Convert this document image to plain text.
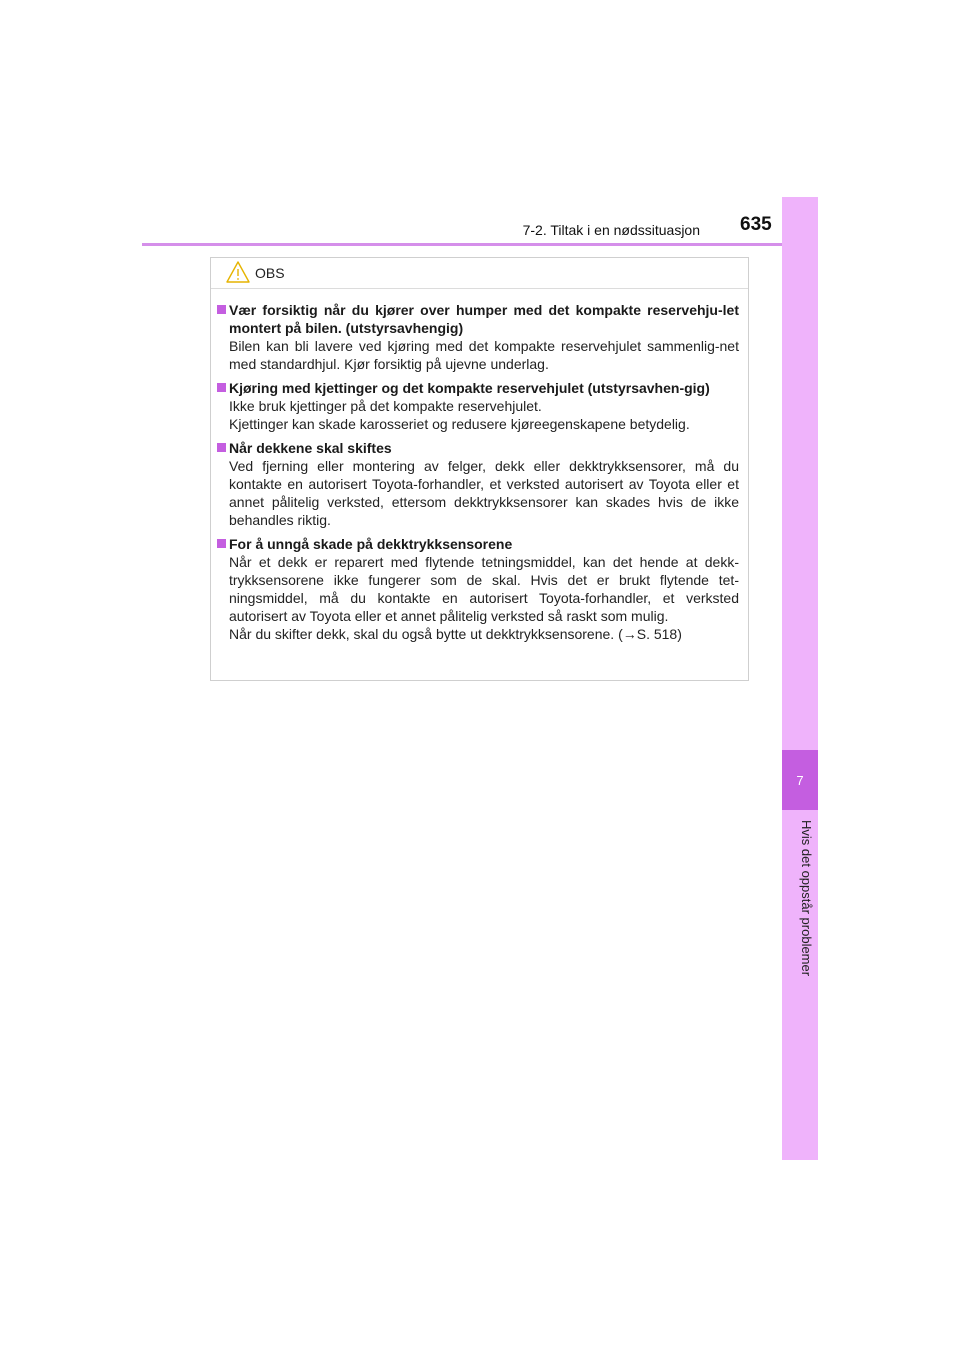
7-2. Tiltak i en nødssituasjon 635
7
Hvis det oppstår problemer
OBS
Vær forsiktig når du kjører over humper med det kompakte reservehju-let montert på bilen. (utstyrsavhengig)
Bilen kan bli lavere ved kjøring med det kompakte reservehjulet sammenlig-net med standardhjul. Kjør forsiktig på ujevne underlag.
Kjøring med kjettinger og det kompakte reservehjulet (utstyrsavhen-gig)
Ikke bruk kjettinger på det kompakte reservehjulet.
Kjettinger kan skade karosseriet og redusere kjøreegenskapene betydelig.
Når dekkene skal skiftes
Ved fjerning eller montering av felger, dekk eller dekktrykksensorer, må du kontakte en autorisert Toyota-forhandler, et verksted autorisert av Toyota eller et annet pålitelig verksted, ettersom dekktrykksensorer kan skades hvis de ikke behandles riktig.
For å unngå skade på dekktrykksensorene
Når et dekk er reparert med flytende tetningsmiddel, kan det hende at dekk-trykksensorene ikke fungerer som de skal. Hvis det er brukt flytende tet-ningsmiddel, må du kontakte en autorisert Toyota-forhandler, et verksted autorisert av Toyota eller et annet pålitelig verksted så raskt som mulig.
Når du skifter dekk, skal du også bytte ut dekktrykksensorene. (→S. 518)
